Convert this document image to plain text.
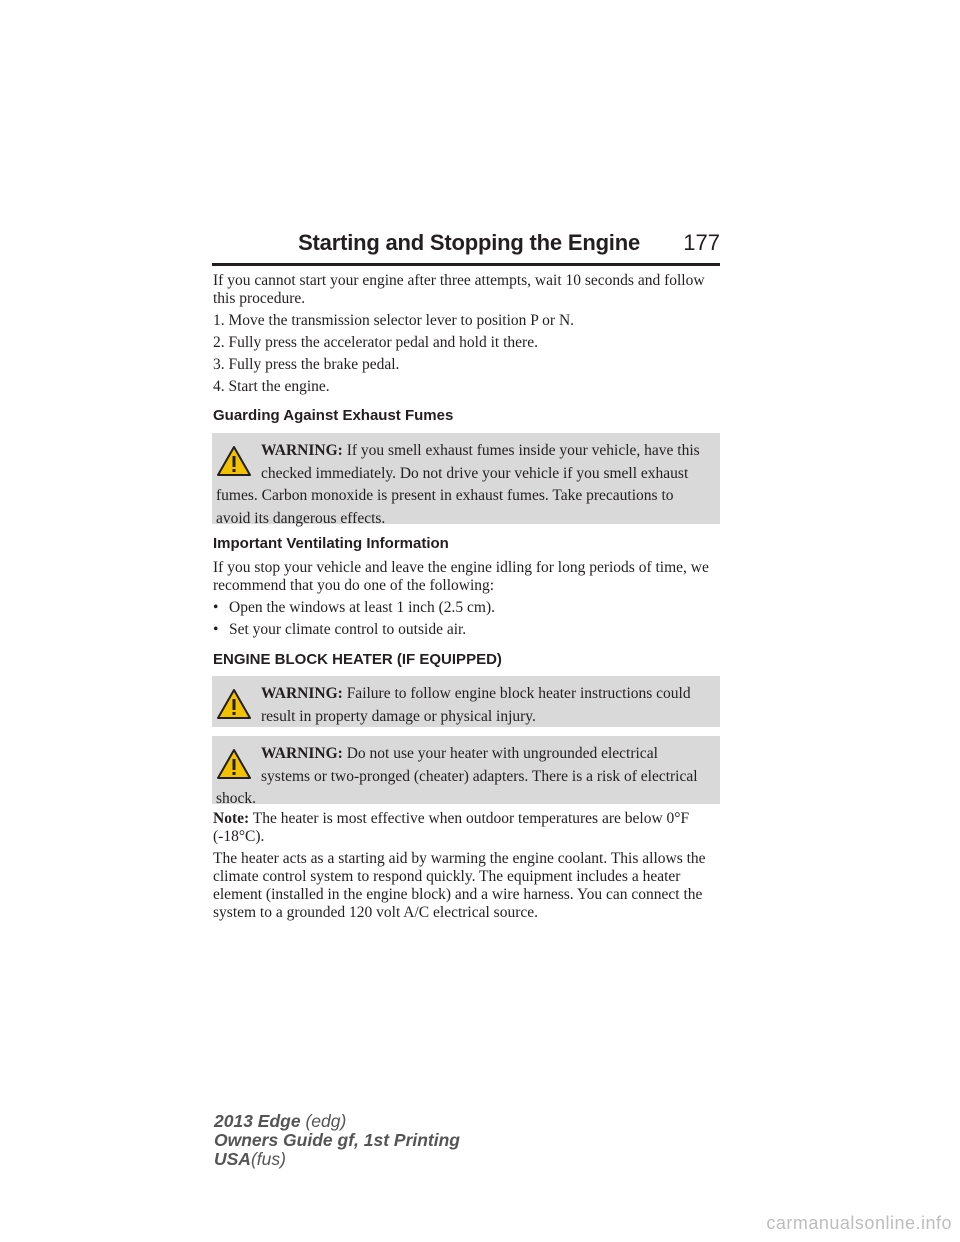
Starting and Stopping the Engine	177
If you cannot start your engine after three attempts, wait 10 seconds and follow this procedure.
1. Move the transmission selector lever to position P or N.
2. Fully press the accelerator pedal and hold it there.
3. Fully press the brake pedal.
4. Start the engine.
Guarding Against Exhaust Fumes
WARNING: If you smell exhaust fumes inside your vehicle, have this checked immediately. Do not drive your vehicle if you smell exhaust fumes. Carbon monoxide is present in exhaust fumes. Take precautions to avoid its dangerous effects.
Important Ventilating Information
If you stop your vehicle and leave the engine idling for long periods of time, we recommend that you do one of the following:
• Open the windows at least 1 inch (2.5 cm).
• Set your climate control to outside air.
ENGINE BLOCK HEATER (IF EQUIPPED)
WARNING: Failure to follow engine block heater instructions could result in property damage or physical injury.
WARNING: Do not use your heater with ungrounded electrical systems or two-pronged (cheater) adapters. There is a risk of electrical shock.
Note: The heater is most effective when outdoor temperatures are below 0°F (-18°C).
The heater acts as a starting aid by warming the engine coolant. This allows the climate control system to respond quickly. The equipment includes a heater element (installed in the engine block) and a wire harness. You can connect the system to a grounded 120 volt A/C electrical source.
2013 Edge (edg)
Owners Guide gf, 1st Printing
USA(fus)
carmanualsonline.info
